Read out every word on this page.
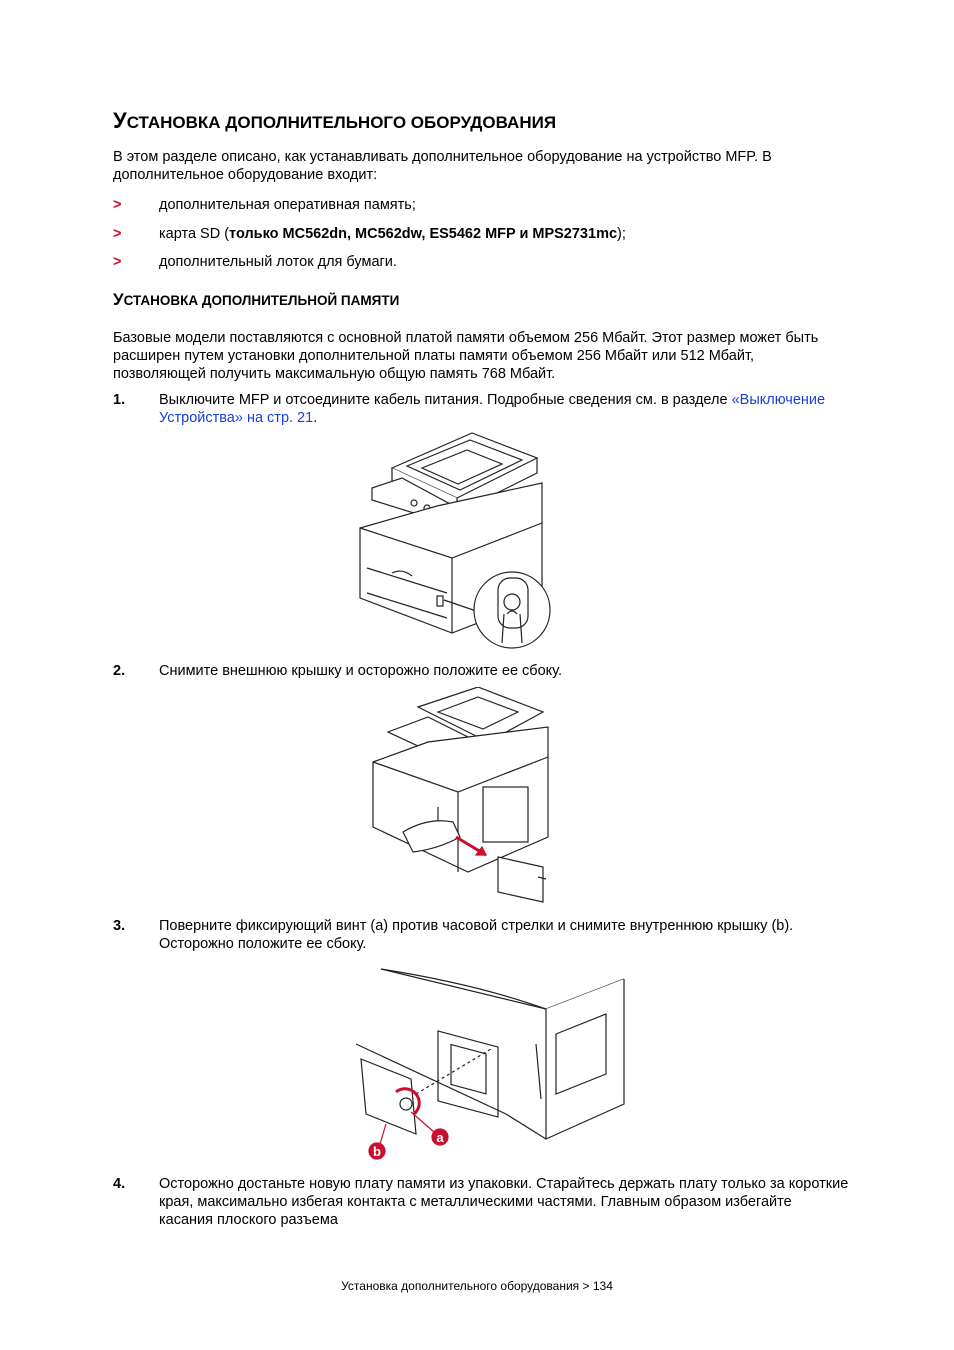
УСТАНОВКА ДОПОЛНИТЕЛЬНОГО ОБОРУДОВАНИЯ
В этом разделе описано, как устанавливать дополнительное оборудование на устройство MFP. В дополнительное оборудование входит:
>	дополнительная оперативная память;
>	карта SD (только MC562dn, MC562dw, ES5462 MFP и MPS2731mc);
>	дополнительный лоток для бумаги.
УСТАНОВКА ДОПОЛНИТЕЛЬНОЙ ПАМЯТИ
Базовые модели поставляются с основной платой памяти объемом 256 Мбайт. Этот размер может быть расширен путем установки дополнительной платы памяти объемом 256 Мбайт или 512 Мбайт, позволяющей получить максимальную общую память 768 Мбайт.
1. Выключите MFP и отсоедините кабель питания. Подробные сведения см. в разделе «Выключение Устройства» на стр. 21.
2. Снимите внешнюю крышку и осторожно положите ее сбоку.
3. Поверните фиксирующий винт (a) против часовой стрелки и снимите внутреннюю крышку (b). Осторожно положите ее сбоку.
a
b
4. Осторожно достаньте новую плату памяти из упаковки. Старайтесь держать плату только за короткие края, максимально избегая контакта с металлическими частями. Главным образом избегайте касания плоского разъема
Установка дополнительного оборудования > 134
